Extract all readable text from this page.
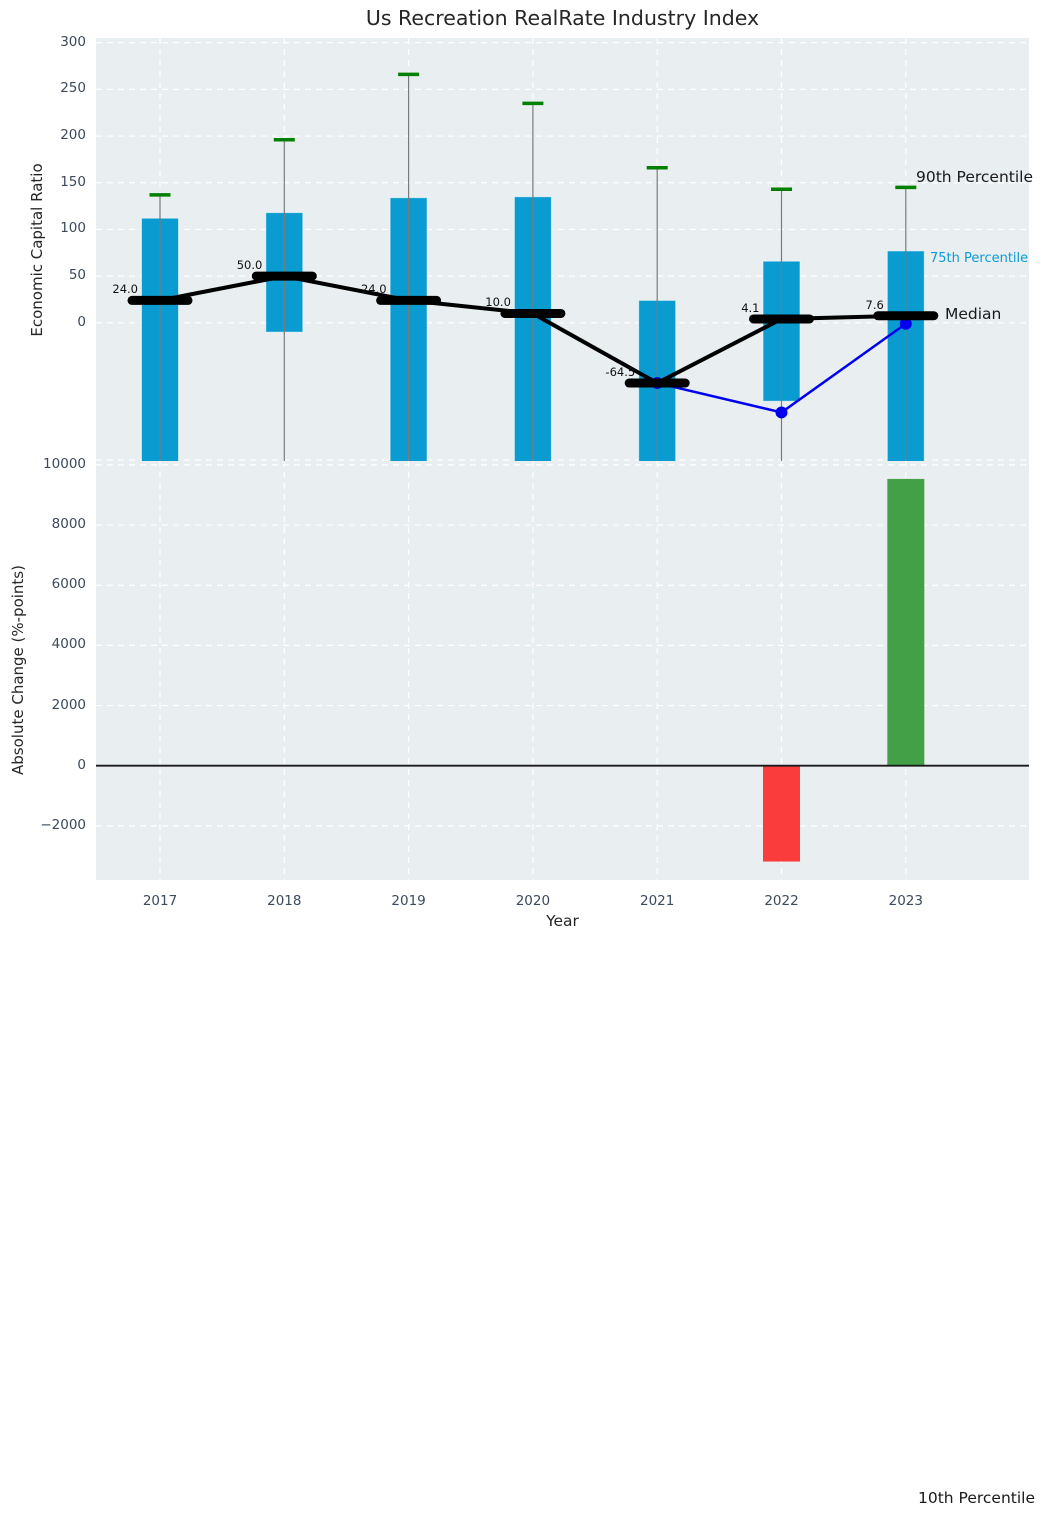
Us Recreation RealRate Industry Index
Economic Capital Ratio
Absolute Change (%-points)
Year
90th Percentile
75th Percentile
Median
10th Percentile
24.0
50.0
24.0
10.0
-64.5
4.1	7.6
300
250
200
150
100
50
0
10000
8000
6000
4000
2000
0
−2000
2017	2018	2019	2020	2021	2022	2023
